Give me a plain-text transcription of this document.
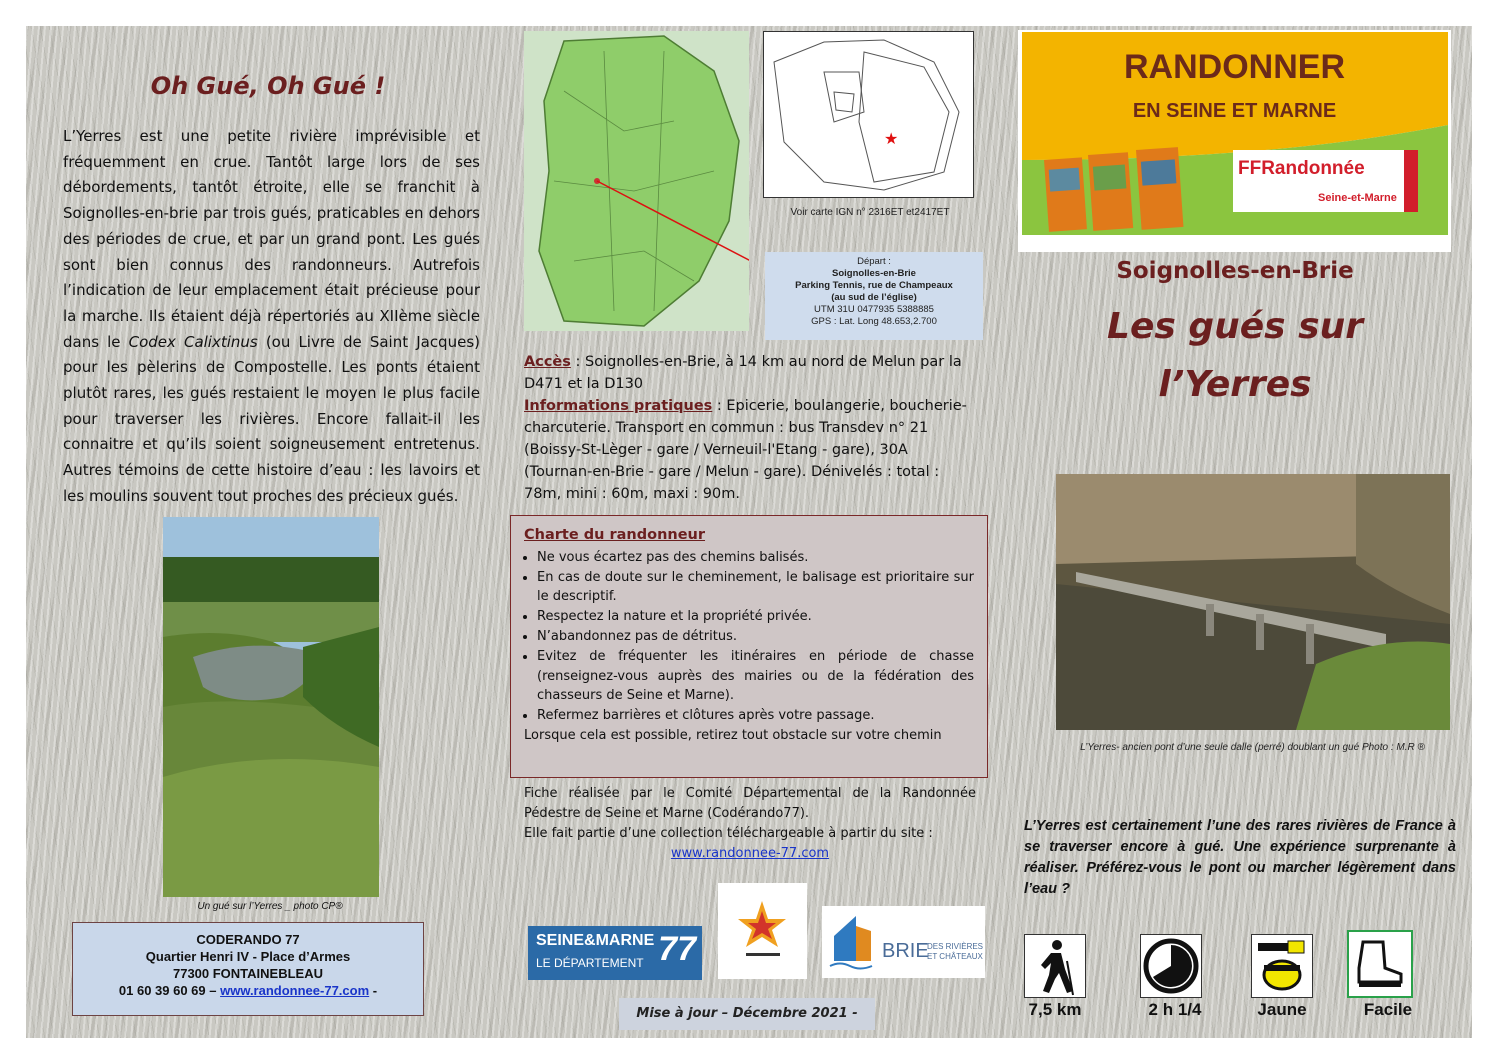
Oh Gué, Oh Gué !
L’Yerres est une petite rivière imprévisible et fréquemment en crue. Tantôt large lors de ses débordements, tantôt étroite, elle se franchit à Soignolles-en-brie par trois gués, praticables en dehors des périodes de crue, et par un grand pont. Les gués sont bien connus des randonneurs. Autrefois l’indication de leur emplacement était précieuse pour la marche. Ils étaient déjà répertoriés au XIIème siècle dans le Codex Calixtinus (ou Livre de Saint Jacques) pour les pèlerins de Compostelle. Les ponts étaient plutôt rares, les gués restaient le moyen le plus facile pour traverser les rivières. Encore fallait-il les connaitre et qu’ils soient soigneusement entretenus. Autres témoins de cette histoire d’eau : les lavoirs et les moulins souvent tout proches des précieux gués.
Un gué sur l’Yerres _ photo CP®
CODERANDO 77
Quartier Henri IV - Place d’Armes
77300 FONTAINEBLEAU
01 60 39 60 69 – www.randonnee-77.com -
★
Voir carte IGN n° 2316ET et2417ET
Départ :
Soignolles-en-Brie
Parking Tennis, rue de Champeaux
(au sud de l’église)
UTM 31U 0477935 5388885
GPS : Lat. Long 48.653,2.700
Accès : Soignolles-en-Brie, à 14 km au nord de Melun par la D471 et la D130
Informations pratiques : Epicerie, boulangerie, boucherie-charcuterie. Transport en commun : bus Transdev n° 21 (Boissy-St-Lèger - gare / Verneuil-l'Etang - gare), 30A (Tournan-en-Brie - gare / Melun - gare). Dénivelés : total : 78m, mini : 60m, maxi : 90m.
Charte du randonneur
• Ne vous écartez pas des chemins balisés.
• En cas de doute sur le cheminement, le balisage est prioritaire sur le descriptif.
• Respectez la nature et la propriété privée.
• N’abandonnez pas de détritus.
• Evitez de fréquenter les itinéraires en période de chasse (renseignez-vous auprès des mairies ou de la fédération des chasseurs de Seine et Marne).
• Refermez barrières et clôtures après votre passage.
Lorsque cela est possible, retirez tout obstacle sur votre chemin
Fiche réalisée par le Comité Départemental de la Randonnée Pédestre de Seine et Marne (Codérando77).
Elle fait partie d’une collection téléchargeable à partir du site :
www.randonnee-77.com
SEINE&MARNE
LE DÉPARTEMENT 77	BRIE
DES RIVIÈRES
ET CHÂTEAUX
Mise à jour – Décembre 2021 -
RANDONNER
EN SEINE ET MARNE
FFRandonnée
Seine-et-Marne
Soignolles-en-Brie
Les gués sur
l’Yerres
L’Yerres- ancien pont d’une seule dalle (perré) doublant un gué Photo : M.R ®
L’Yerres est certainement l’une des rares rivières de France à se traverser encore à gué. Une expérience surprenante à réaliser. Préférez-vous le pont ou marcher légèrement dans l’eau ?
7,5 km	2 h 1/4	Jaune	Facile
